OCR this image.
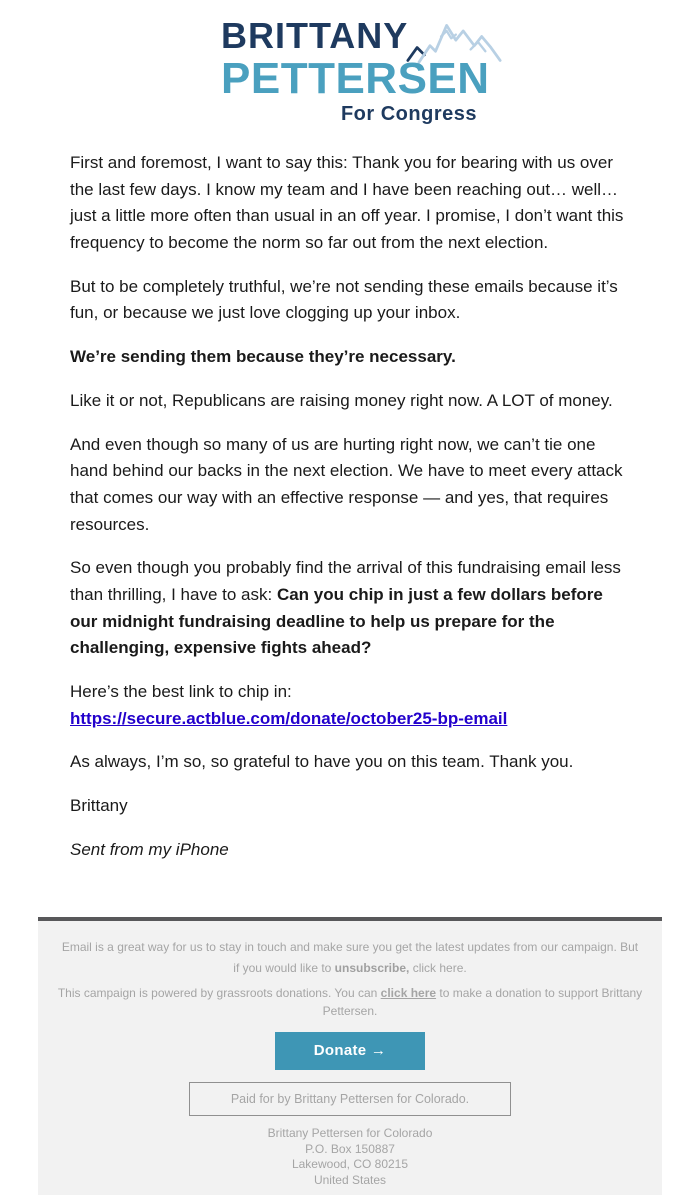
BRITTANY
PETTERSEN
For Congress

First and foremost, I want to say this: Thank you for bearing with us over the last few days. I know my team and I have been reaching out… well… just a little more often than usual in an off year. I promise, I don’t want this frequency to become the norm so far out from the next election.

But to be completely truthful, we’re not sending these emails because it’s fun, or because we just love clogging up your inbox.

We’re sending them because they’re necessary.

Like it or not, Republicans are raising money right now. A LOT of money.

And even though so many of us are hurting right now, we can’t tie one hand behind our backs in the next election. We have to meet every attack that comes our way with an effective response — and yes, that requires resources.

So even though you probably find the arrival of this fundraising email less than thrilling, I have to ask: Can you chip in just a few dollars before our midnight fundraising deadline to help us prepare for the challenging, expensive fights ahead?

Here’s the best link to chip in:
https://secure.actblue.com/donate/october25-bp-email

As always, I’m so, so grateful to have you on this team. Thank you.

Brittany

Sent from my iPhone

Email is a great way for us to stay in touch and make sure you get the latest updates from our campaign. But if you would like to unsubscribe, click here.

This campaign is powered by grassroots donations. You can click here to make a donation to support Brittany Pettersen.

Donate →
Paid for by Brittany Pettersen for Colorado.
Brittany Pettersen for Colorado
P.O. Box 150887
Lakewood, CO 80215
United States
